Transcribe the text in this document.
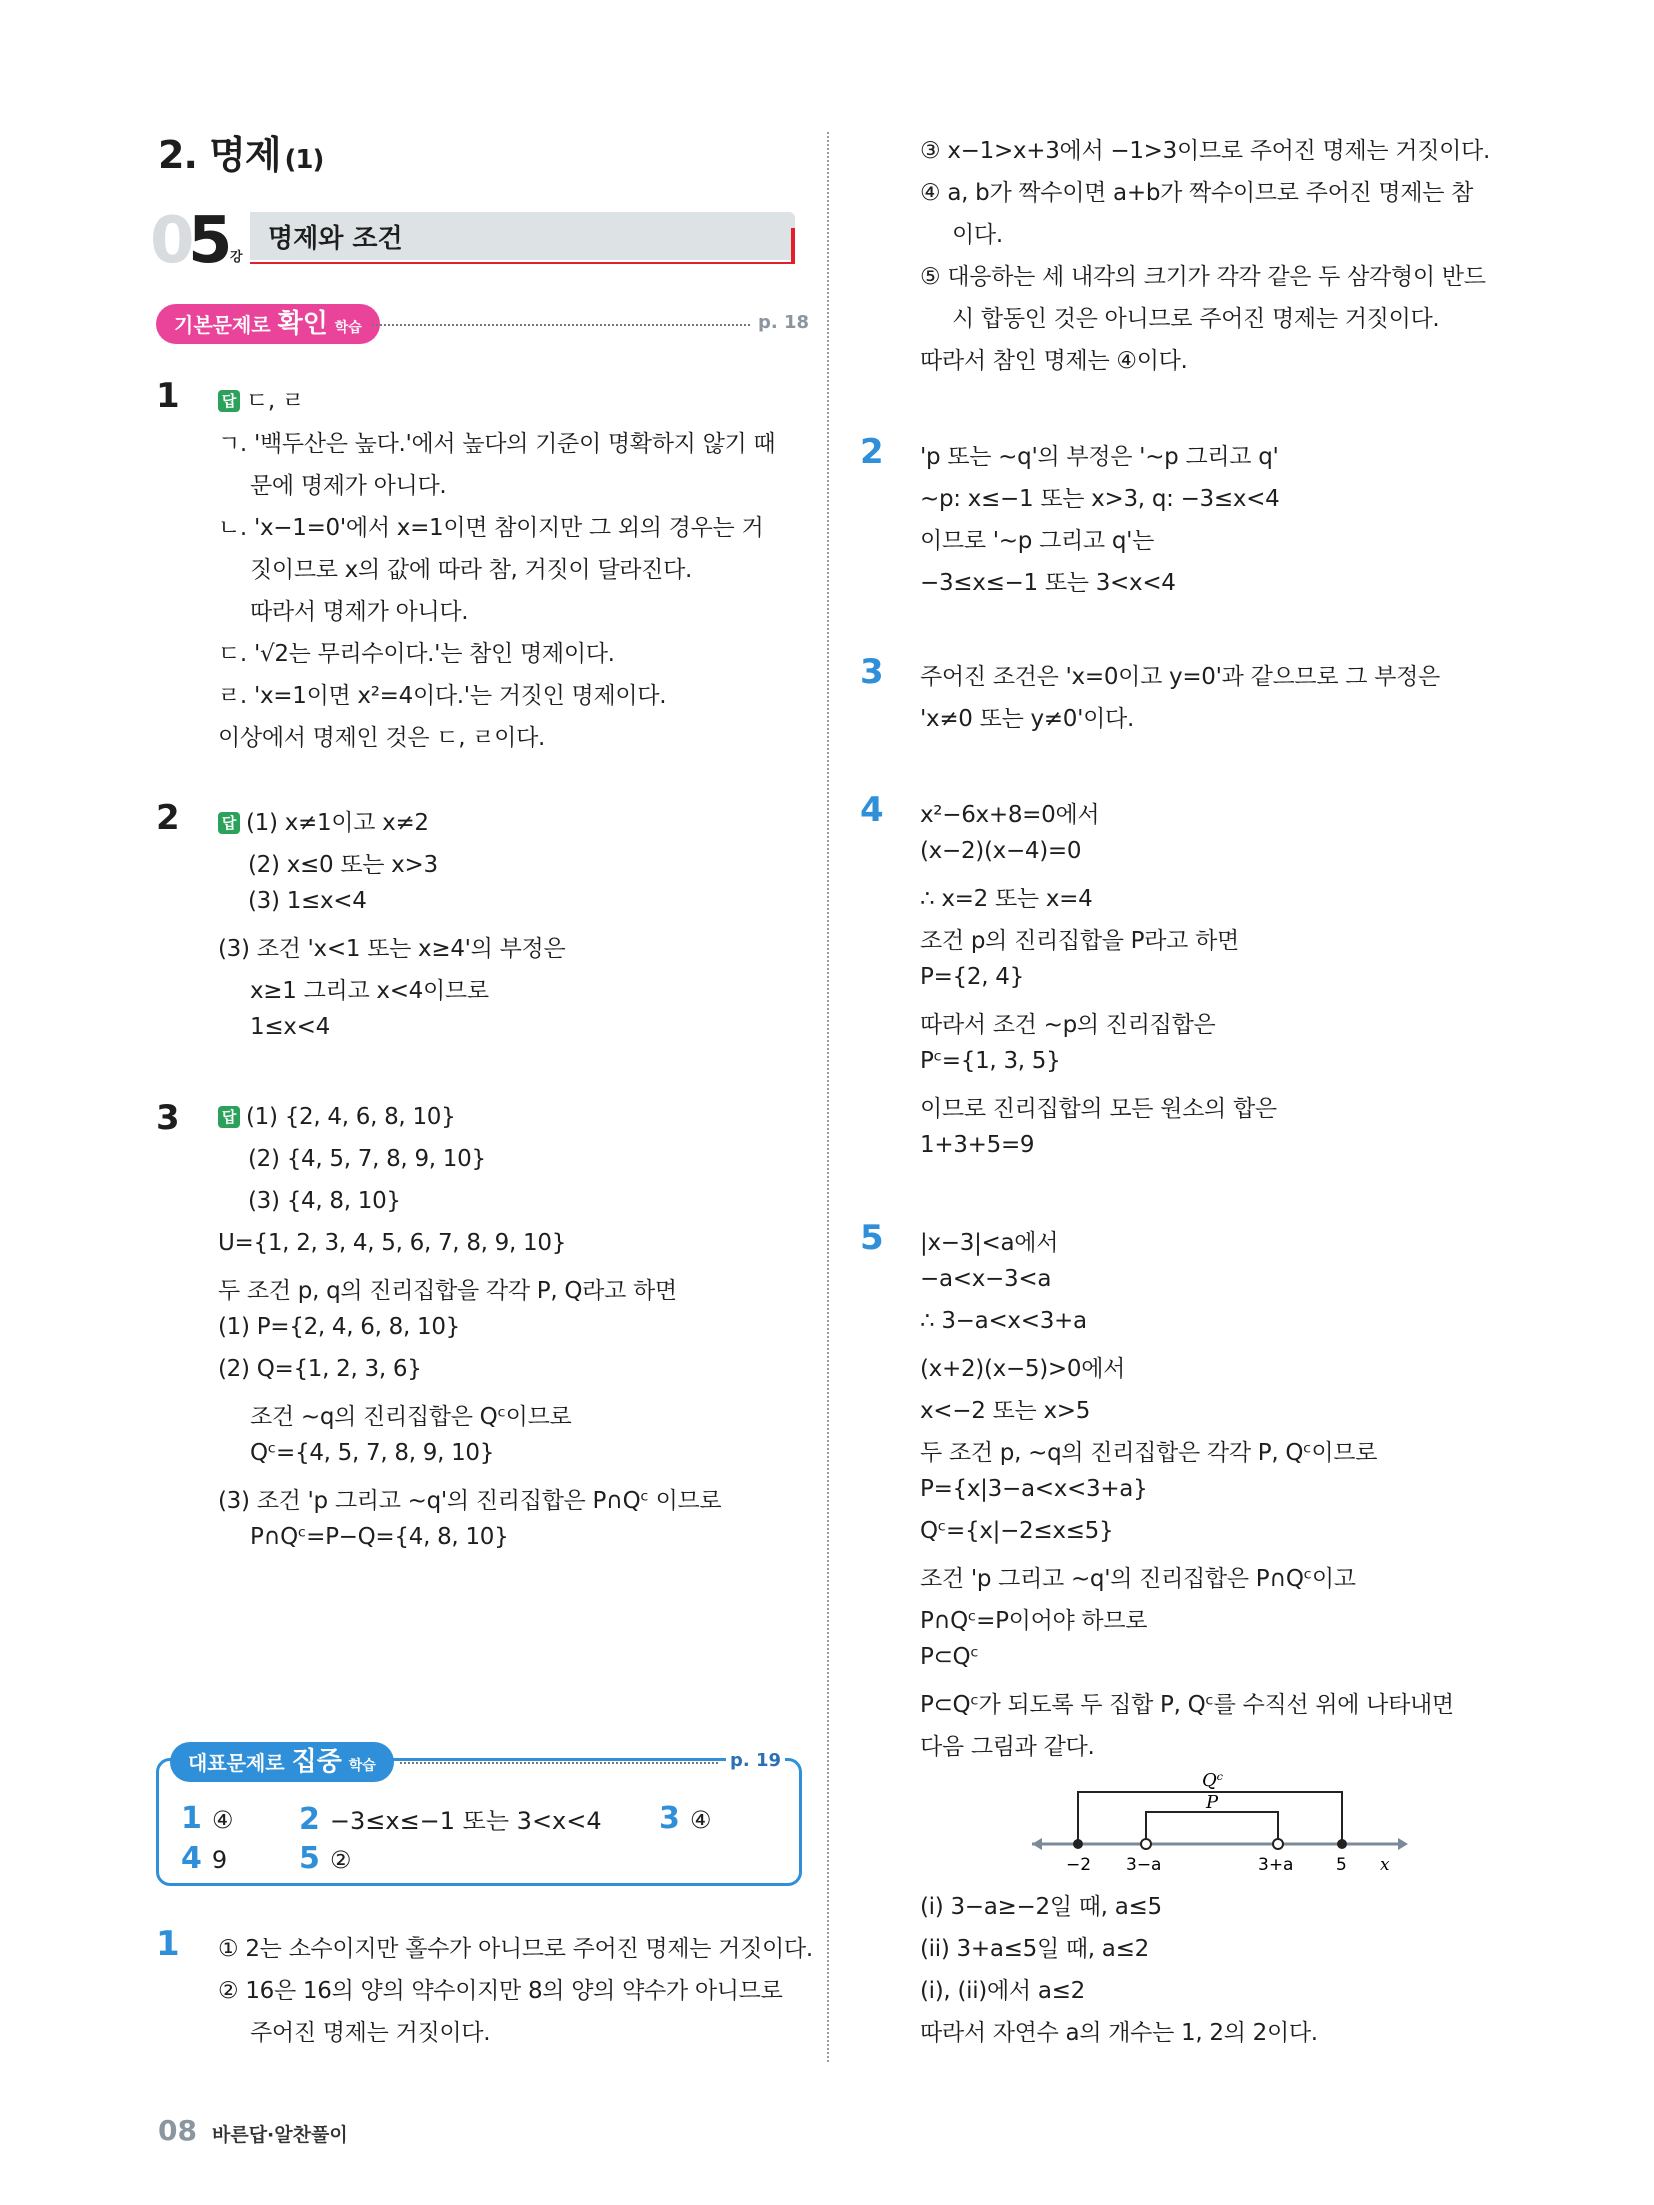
2. 명제 (1)
0
5
강
명제와 조건
기본문제로 확인 학습	p. 18
1	답 ㄷ, ㄹ
ㄱ. '백두산은 높다.'에서 높다의 기준이 명확하지 않기 때
문에 명제가 아니다.
ㄴ. 'x−1=0'에서 x=1이면 참이지만 그 외의 경우는 거
짓이므로 x의 값에 따라 참, 거짓이 달라진다.
따라서 명제가 아니다.
ㄷ. '√2는 무리수이다.'는 참인 명제이다.
ㄹ. 'x=1이면 x²=4이다.'는 거짓인 명제이다.
이상에서 명제인 것은 ㄷ, ㄹ이다.
2	답 (1) x≠1이고 x≠2
(2) x≤0 또는 x>3
(3) 1≤x<4
(3) 조건 'x<1 또는 x≥4'의 부정은
x≥1 그리고 x<4이므로
1≤x<4
3	답 (1) {2, 4, 6, 8, 10}
(2) {4, 5, 7, 8, 9, 10}
(3) {4, 8, 10}
U={1, 2, 3, 4, 5, 6, 7, 8, 9, 10}
두 조건 p, q의 진리집합을 각각 P, Q라고 하면
(1) P={2, 4, 6, 8, 10}
(2) Q={1, 2, 3, 6}
조건 ~q의 진리집합은 Qᶜ이므로
Qᶜ={4, 5, 7, 8, 9, 10}
(3) 조건 'p 그리고 ~q'의 진리집합은 P∩Qᶜ 이므로
P∩Qᶜ=P−Q={4, 8, 10}
1 ④ 2 −3≤x≤−1 또는 3<x<4 3 ④
4 9 5 ②
대표문제로 집중 학습	p. 19
1 ① 2는 소수이지만 홀수가 아니므로 주어진 명제는 거짓이다.
② 16은 16의 양의 약수이지만 8의 양의 약수가 아니므로
주어진 명제는 거짓이다.
③ x−1>x+3에서 −1>3이므로 주어진 명제는 거짓이다.
④ a, b가 짝수이면 a+b가 짝수이므로 주어진 명제는 참
이다.
⑤ 대응하는 세 내각의 크기가 각각 같은 두 삼각형이 반드
시 합동인 것은 아니므로 주어진 명제는 거짓이다.
따라서 참인 명제는 ④이다.
2 'p 또는 ~q'의 부정은 '~p 그리고 q'
~p: x≤−1 또는 x>3, q: −3≤x<4
이므로 '~p 그리고 q'는
−3≤x≤−1 또는 3<x<4
3 주어진 조건은 'x=0이고 y=0'과 같으므로 그 부정은
'x≠0 또는 y≠0'이다.
4 x²−6x+8=0에서
(x−2)(x−4)=0
∴ x=2 또는 x=4
조건 p의 진리집합을 P라고 하면
P={2, 4}
따라서 조건 ~p의 진리집합은
Pᶜ={1, 3, 5}
이므로 진리집합의 모든 원소의 합은
1+3+5=9
5 |x−3|<a에서
−a<x−3<a
∴ 3−a<x<3+a
(x+2)(x−5)>0에서
x<−2 또는 x>5
두 조건 p, ~q의 진리집합은 각각 P, Qᶜ이므로
P={x|3−a<x<3+a}
Qᶜ={x|−2≤x≤5}
조건 'p 그리고 ~q'의 진리집합은 P∩Qᶜ이고
P∩Qᶜ=P이어야 하므로
P⊂Qᶜ
P⊂Qᶜ가 되도록 두 집합 P, Qᶜ를 수직선 위에 나타내면
다음 그림과 같다.
Qᶜ
P
−2 3−a	3+a	5 x
(i) 3−a≥−2일 때, a≤5
(ii) 3+a≤5일 때, a≤2
(i), (ii)에서 a≤2
따라서 자연수 a의 개수는 1, 2의 2이다.
08 바른답·알찬풀이
